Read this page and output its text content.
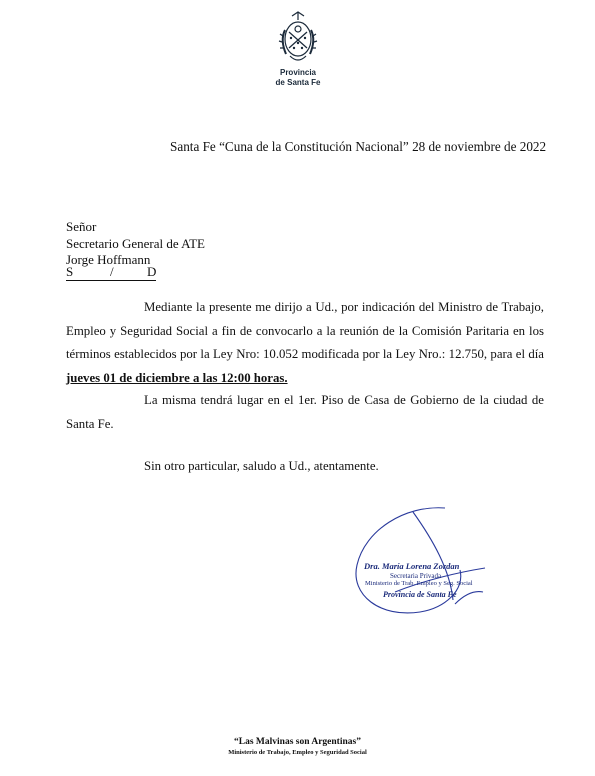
Provincia
de Santa Fe
Santa Fe “Cuna de la Constitución Nacional” 28 de noviembre de 2022
Señor
Secretario General de ATE
Jorge Hoffmann
S	/	D
Mediante la presente me dirijo a Ud., por indicación del Ministro de Trabajo, Empleo y Seguridad Social a fin de convocarlo a la reunión de la Comisión Paritaria en los términos establecidos por la Ley Nro: 10.052 modificada por la Ley Nro.: 12.750, para el día jueves 01 de diciembre a las 12:00 horas.
La misma tendrá lugar en el 1er. Piso de Casa de Gobierno de la ciudad de Santa Fe.
Sin otro particular, saludo a Ud., atentamente.
Dra. María Lorena Zordan
Secretaria Privada
Ministerio de Trab. Empleo y Seg. Social
Provincia de Santa Fe
“Las Malvinas son Argentinas”
Ministerio de Trabajo, Empleo y Seguridad Social
